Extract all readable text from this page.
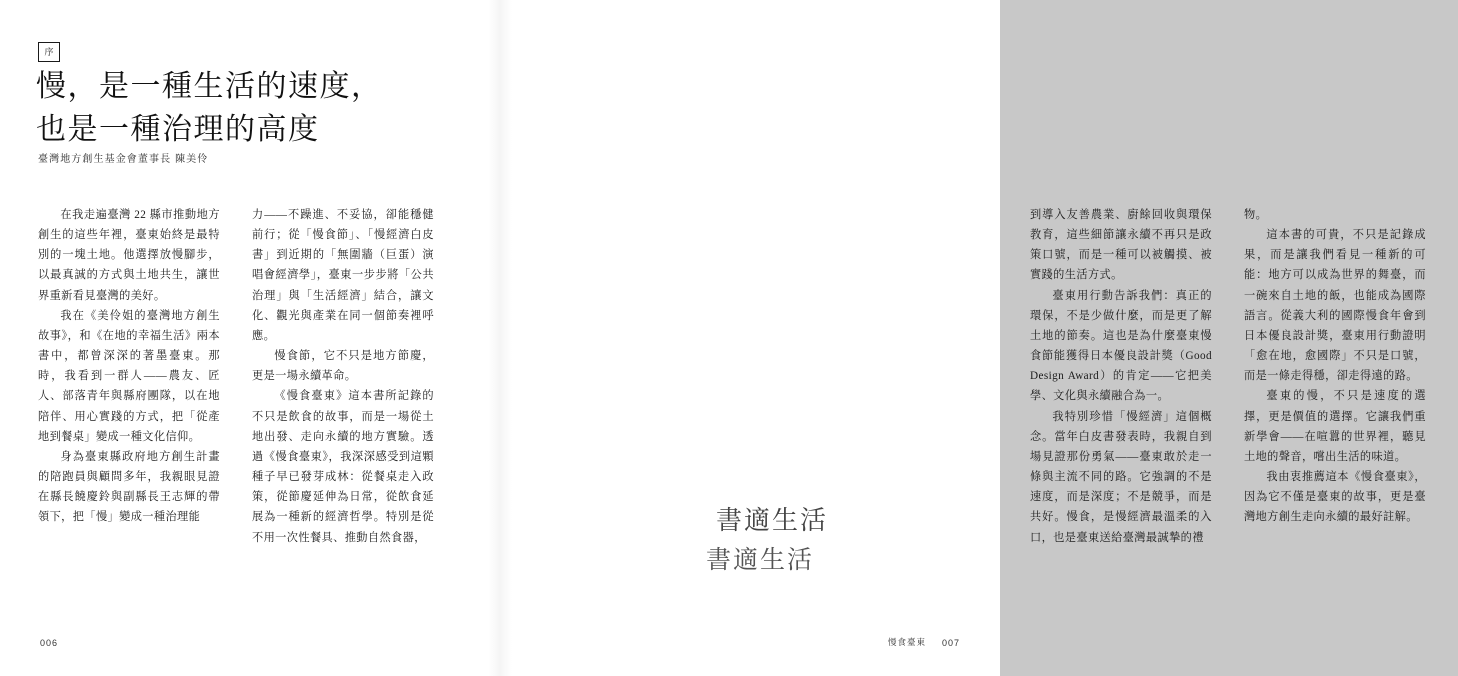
序
慢，是一種生活的速度，
也是一種治理的高度
臺灣地方創生基金會董事長 陳美伶

在我走遍臺灣 22 縣市推動地方創生的這些年裡，臺東始終是最特別的一塊土地。他選擇放慢腳步，以最真誠的方式與土地共生，讓世界重新看見臺灣的美好。

我在《美伶姐的臺灣地方創生故事》，和《在地的幸福生活》兩本書中，都曾深深的著墨臺東。那時，我看到一群人——農友、匠人、部落青年與縣府團隊，以在地陪伴、用心實踐的方式，把「從產地到餐桌」變成一種文化信仰。

身為臺東縣政府地方創生計畫的陪跑員與顧問多年，我親眼見證在縣長饒慶鈴與副縣長王志輝的帶領下，把「慢」變成一種治理能

力——不躁進、不妥協，卻能穩健前行；從「慢食節」、「慢經濟白皮書」到近期的「無圍牆（巨蛋）演唱會經濟學」，臺東一步步將「公共治理」與「生活經濟」結合，讓文化、觀光與產業在同一個節奏裡呼應。

慢食節，它不只是地方節慶，更是一場永續革命。

《慢食臺東》這本書所記錄的不只是飲食的故事，而是一場從土地出發、走向永續的地方實驗。透過《慢食臺東》，我深深感受到這顆種子早已發芽成林：從餐桌走入政策，從節慶延伸為日常，從飲食延展為一種新的經濟哲學。特別是從不用一次性餐具、推動自然食器，

006

到導入友善農業、廚餘回收與環保教育，這些細節讓永續不再只是政策口號，而是一種可以被觸摸、被實踐的生活方式。

臺東用行動告訴我們：真正的環保，不是少做什麼，而是更了解土地的節奏。這也是為什麼臺東慢食節能獲得日本優良設計獎（Good Design Award）的肯定——它把美學、文化與永續融合為一。

我特別珍惜「慢經濟」這個概念。當年白皮書發表時，我親自到場見證那份勇氣——臺東敢於走一條與主流不同的路。它強調的不是速度，而是深度；不是競爭，而是共好。慢食，是慢經濟最溫柔的入口，也是臺東送給臺灣最誠摯的禮

物。

這本書的可貴，不只是記錄成果，而是讓我們看見一種新的可能：地方可以成為世界的舞臺，而一碗來自土地的飯，也能成為國際語言。從義大利的國際慢食年會到日本優良設計獎，臺東用行動證明「愈在地，愈國際」不只是口號，而是一條走得穩，卻走得遠的路。

臺東的慢，不只是速度的選擇，更是價值的選擇。它讓我們重新學會——在喧囂的世界裡，聽見土地的聲音，嚐出生活的味道。

我由衷推薦這本《慢食臺東》，因為它不僅是臺東的故事，更是臺灣地方創生走向永續的最好註解。

慢食臺東 007
書適生活
書適生活
